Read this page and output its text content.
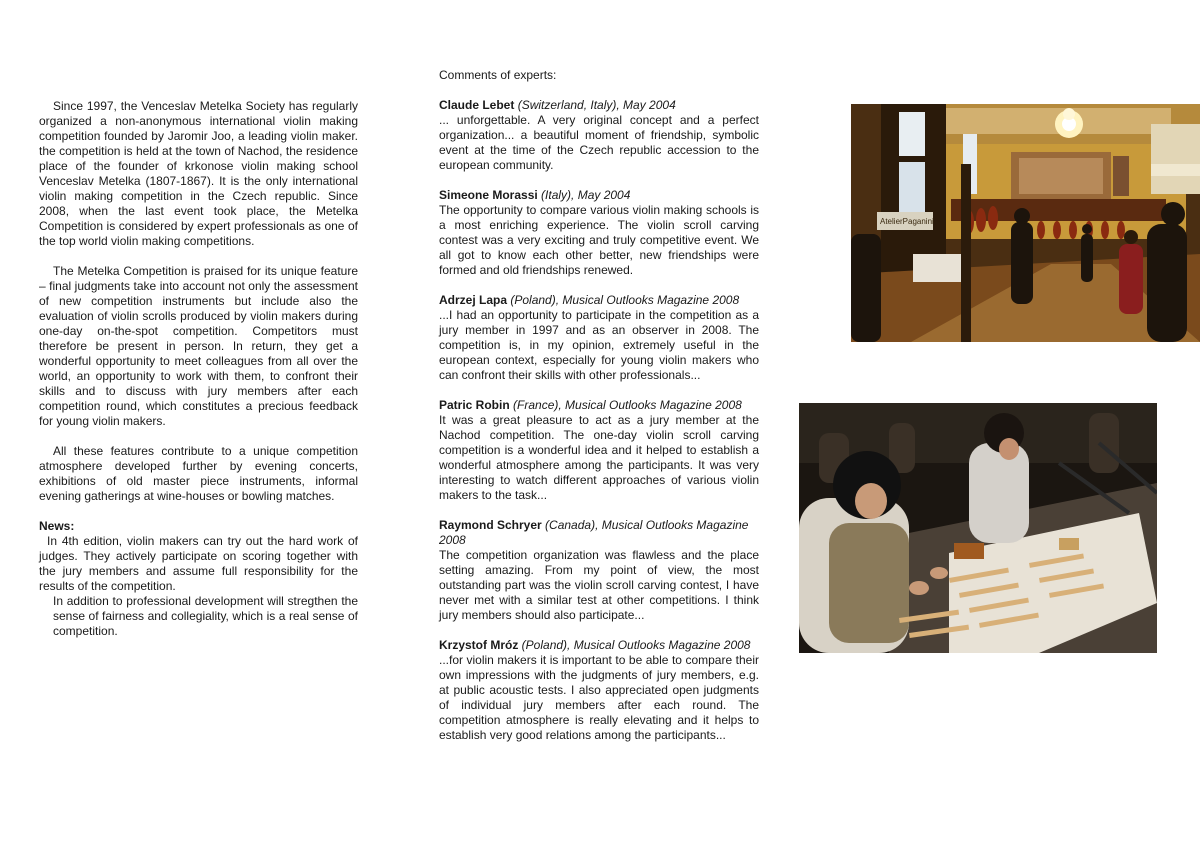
Since 1997, the Venceslav Metelka Society has regularly organized a non-anonymous international violin making competition founded by Jaromir Joo, a leading violin maker. the competition is held at the town of Nachod, the residence place of the founder of krkonose violin making school Venceslav Metelka (1807-1867). It is the only international violin making competition in the Czech republic. Since 2008, when the last event took place, the Metelka Competition is considered by expert professionals as one of the top world violin making competitions.

The Metelka Competition is praised for its unique feature – final judgments take into account not only the assessment of new competition instruments but include also the evaluation of violin scrolls produced by violin makers during one-day on-the-spot competition. Competitors must therefore be present in person. In return, they get a wonderful opportunity to meet colleagues from all over the world, an opportunity to work with them, to confront their skills and to discuss with jury members after each competition round, which constitutes a precious feedback for young violin makers.

All these features contribute to a unique competition atmosphere developed further by evening concerts, exhibitions of old master piece instruments, informal evening gatherings at wine-houses or bowling matches.

News:

In 4th edition, violin makers can try out the hard work of judges. They actively participate on scoring together with the jury members and assume full responsibility for the results of the competition.

In addition to professional development will stregthen the sense of fairness and collegiality, which is a real sense of competition.

Comments of experts:

Claude Lebet (Switzerland, Italy), May 2004

... unforgettable. A very original concept and a perfect organization... a beautiful moment of friendship, symbolic event at the time of the Czech republic accession to the european community.

Simeone Morassi (Italy), May 2004

The opportunity to compare various violin making schools is a most enriching experience. The violin scroll carving contest was a very exciting and truly competitive event. We all got to know each other better, new friendships were formed and old friendships renewed.

Adrzej Lapa (Poland), Musical Outlooks Magazine 2008

...I had an opportunity to participate in the competition as a jury member in 1997 and as an observer in 2008. The competition is, in my opinion, extremely useful in the european context, especially for young violin makers who can confront their skills with other professionals...

Patric Robin (France), Musical Outlooks Magazine 2008

It was a great pleasure to act as a jury member at the Nachod competition. The one-day violin scroll carving competition is a wonderful idea and it helped to establish a wonderful atmosphere among the participants. It was very interesting to watch different approaches of various violin makers to the task...

Raymond Schryer (Canada), Musical Outlooks Magazine 2008

The competition organization was flawless and the place setting amazing. From my point of view, the most outstanding part was the violin scroll carving contest, I have never met with a similar test at other competitions. I think jury members should also participate...

Krzystof Mróz (Poland), Musical Outlooks Magazine 2008

...for violin makers it is important to be able to compare their own impressions with the judgments of jury members, e.g. at public acoustic tests. I also appreciated open judgments of individual jury members after each round. The competition atmosphere is really elevating and it helps to establish very good relations among the participants...

AtelierPaganini
